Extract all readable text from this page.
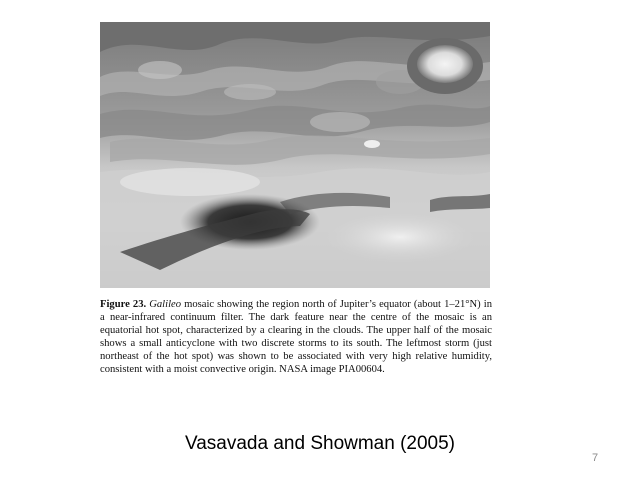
Figure 23. Galileo mosaic showing the region north of Jupiter’s equator (about 1–21°N) in a near-infrared continuum filter. The dark feature near the centre of the mosaic is an equatorial hot spot, characterized by a clearing in the clouds. The upper half of the mosaic shows a small anticyclone with two discrete storms to its south. The leftmost storm (just northeast of the hot spot) was shown to be associated with very high relative humidity, consistent with a moist convective origin. NASA image PIA00604.
Vasavada and Showman (2005)
7
